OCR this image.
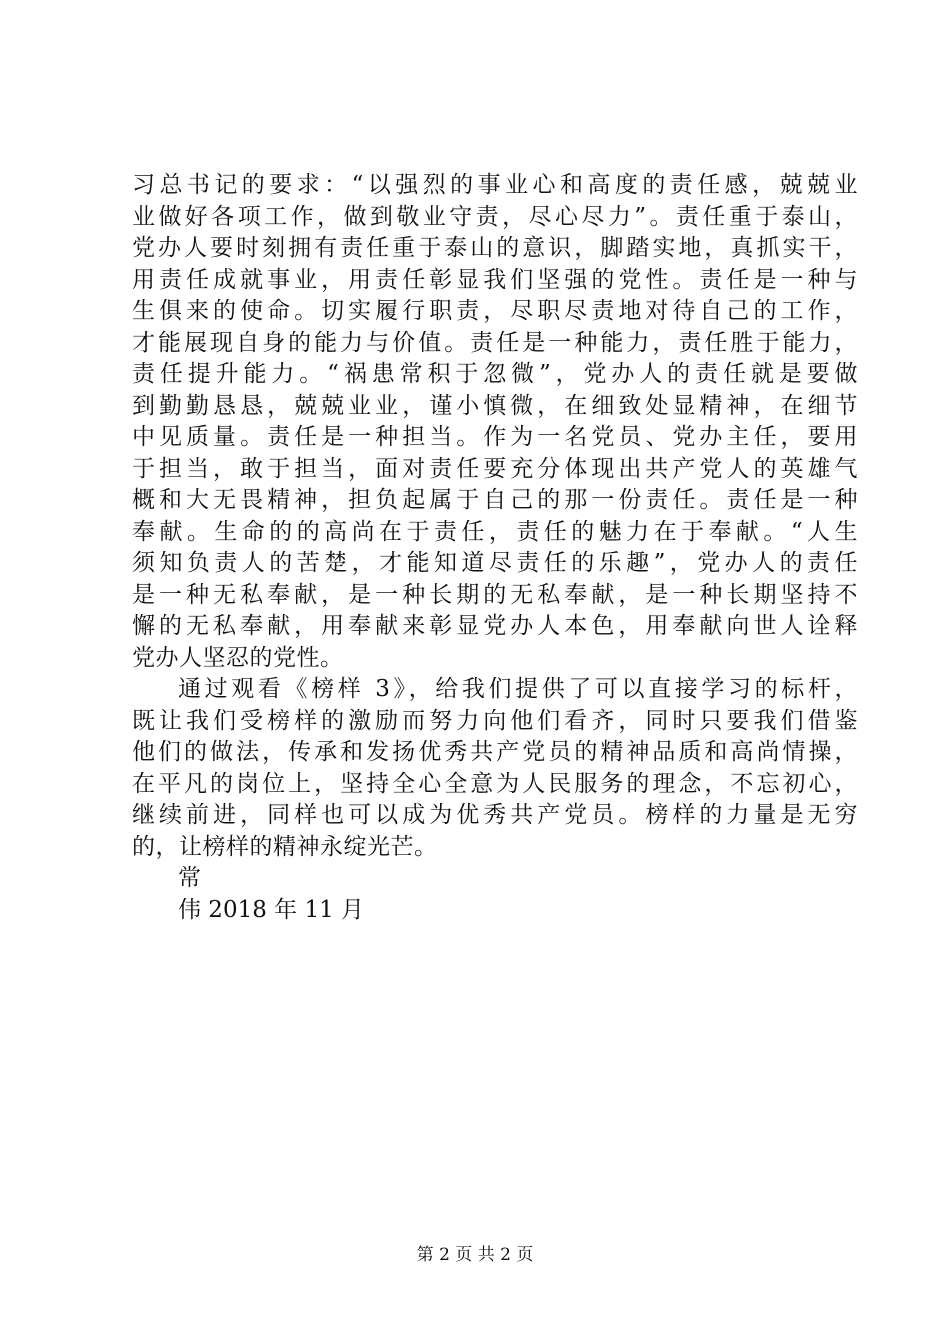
习总书记的要求：“以强烈的事业心和高度的责任感，兢兢业
业做好各项工作，做到敬业守责，尽心尽力”。责任重于泰山，
党办人要时刻拥有责任重于泰山的意识，脚踏实地，真抓实干，
用责任成就事业，用责任彰显我们坚强的党性。责任是一种与
生俱来的使命。切实履行职责，尽职尽责地对待自己的工作，
才能展现自身的能力与价值。责任是一种能力，责任胜于能力，
责任提升能力。“祸患常积于忽微”，党办人的责任就是要做
到勤勤恳恳，兢兢业业，谨小慎微，在细致处显精神，在细节
中见质量。责任是一种担当。作为一名党员、党办主任，要用
于担当，敢于担当，面对责任要充分体现出共产党人的英雄气
概和大无畏精神，担负起属于自己的那一份责任。责任是一种
奉献。生命的的高尚在于责任，责任的魅力在于奉献。“人生
须知负责人的苦楚，才能知道尽责任的乐趣”，党办人的责任
是一种无私奉献，是一种长期的无私奉献，是一种长期坚持不
懈的无私奉献，用奉献来彰显党办人本色，用奉献向世人诠释
党办人坚忍的党性。
通过观看《榜样 3》，给我们提供了可以直接学习的标杆，
既让我们受榜样的激励而努力向他们看齐，同时只要我们借鉴
他们的做法，传承和发扬优秀共产党员的精神品质和高尚情操，
在平凡的岗位上，坚持全心全意为人民服务的理念，不忘初心，
继续前进，同样也可以成为优秀共产党员。榜样的力量是无穷
的，让榜样的精神永绽光芒。
常
伟 2018 年 11 月
第 2 页 共 2 页
